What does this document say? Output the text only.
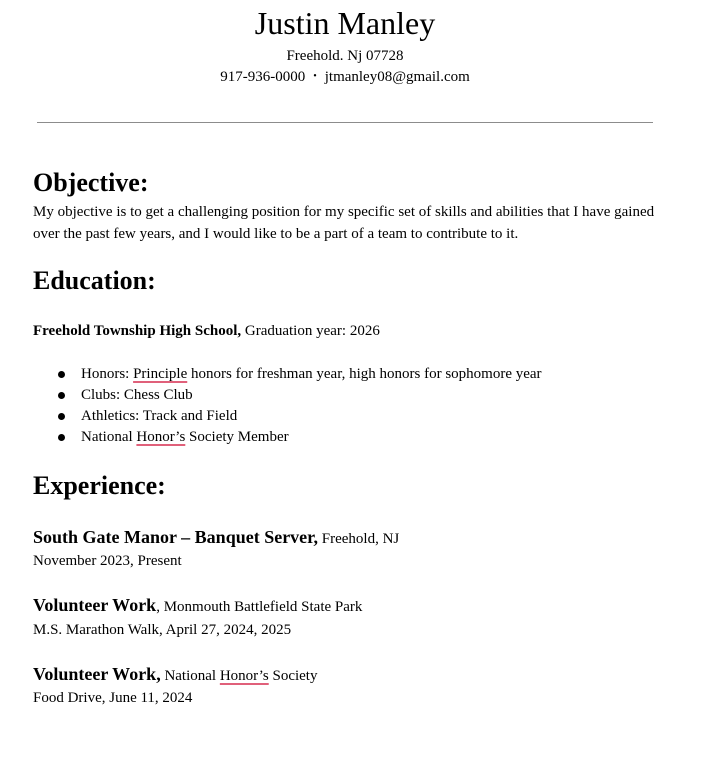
Justin Manley
Freehold. Nj 07728
917-936-0000 • jtmanley08@gmail.com
Objective:

My objective is to get a challenging position for my specific set of skills and abilities that I have gained over the past few years, and I would like to be a part of a team to contribute to it.

Education:
Freehold Township High School, Graduation year: 2026
Honors: Principle honors for freshman year, high honors for sophomore year
Clubs: Chess Club
Athletics: Track and Field
National Honor’s Society Member
Experience:
South Gate Manor – Banquet Server, Freehold, NJ
November 2023, Present
Volunteer Work, Monmouth Battlefield State Park
M.S. Marathon Walk, April 27, 2024, 2025
Volunteer Work, National Honor’s Society
Food Drive, June 11, 2024
